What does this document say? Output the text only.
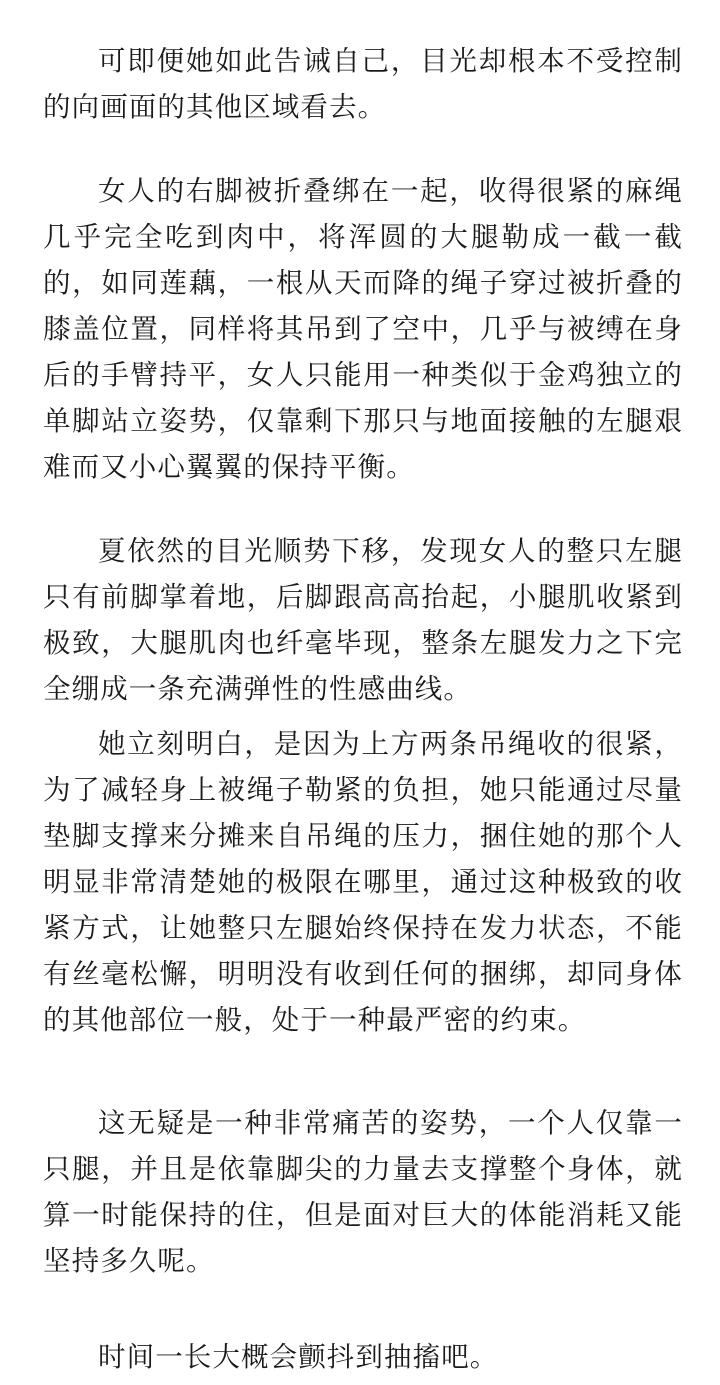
可即便她如此告诫自己，目光却根本不受控制的向画面的其他区域看去。

女人的右脚被折叠绑在一起，收得很紧的麻绳几乎完全吃到肉中，将浑圆的大腿勒成一截一截的，如同莲藕，一根从天而降的绳子穿过被折叠的膝盖位置，同样将其吊到了空中，几乎与被缚在身后的手臂持平，女人只能用一种类似于金鸡独立的单脚站立姿势，仅靠剩下那只与地面接触的左腿艰难而又小心翼翼的保持平衡。

夏依然的目光顺势下移，发现女人的整只左腿只有前脚掌着地，后脚跟高高抬起，小腿肌收紧到极致，大腿肌肉也纤毫毕现，整条左腿发力之下完全绷成一条充满弹性的性感曲线。

她立刻明白，是因为上方两条吊绳收的很紧，为了减轻身上被绳子勒紧的负担，她只能通过尽量垫脚支撑来分摊来自吊绳的压力，捆住她的那个人明显非常清楚她的极限在哪里，通过这种极致的收紧方式，让她整只左腿始终保持在发力状态，不能有丝毫松懈，明明没有收到任何的捆绑，却同身体的其他部位一般，处于一种最严密的约束。

这无疑是一种非常痛苦的姿势，一个人仅靠一只腿，并且是依靠脚尖的力量去支撑整个身体，就算一时能保持的住，但是面对巨大的体能消耗又能坚持多久呢。

时间一长大概会颤抖到抽搐吧。
